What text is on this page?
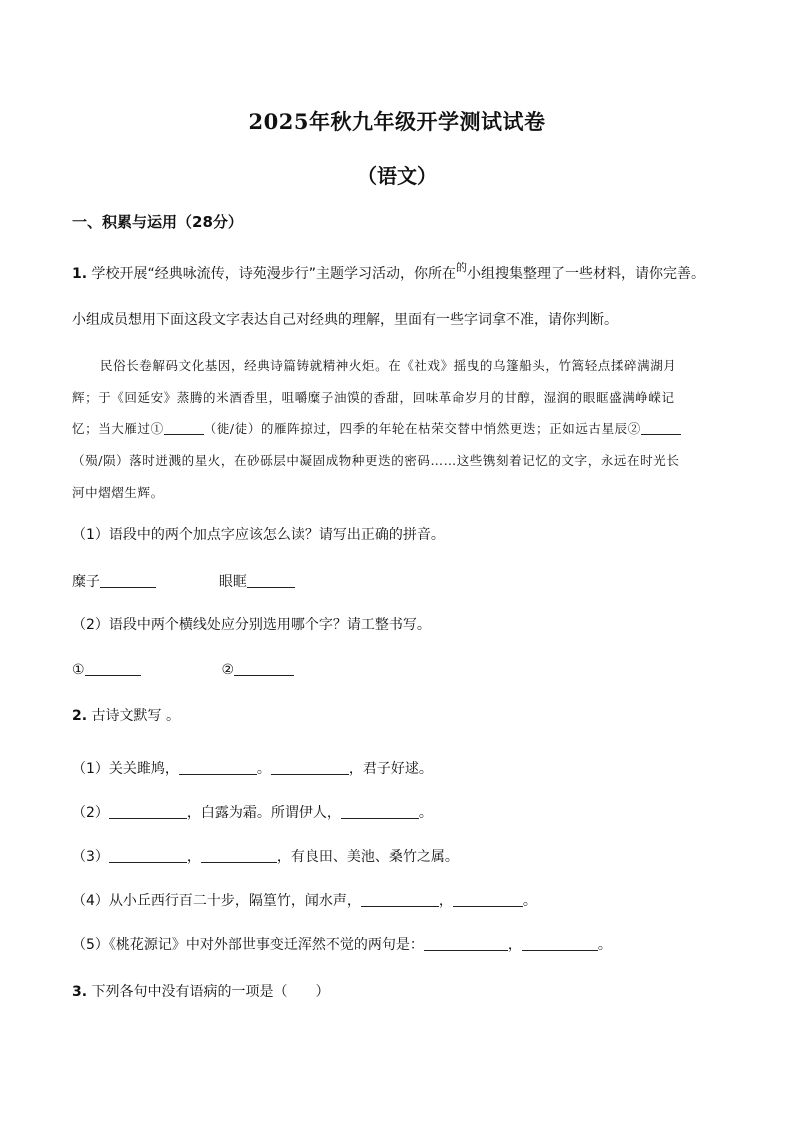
2025年秋九年级开学测试试卷
（语文）
一、积累与运用（28分）
1. 学校开展“经典咏流传，诗苑漫步行”主题学习活动，你所在$^的$小组搜集整理了一些材料，请你完善。
小组成员想用下面这段文字表达自己对经典的理解，里面有一些字词拿不准，请你判断。
民俗长卷解码文化基因，经典诗篇铸就精神火炬。在《社戏》摇曳的乌篷船头，竹篙轻点揉碎满湖月
辉；于《回延安》蒸腾的米酒香里，咀嚼糜子油馍的香甜，回味革命岁月的甘醇，湿润的眼眶盛满峥嵘记
忆；当大雁过①	（徙/徒）的雁阵掠过，四季的年轮在枯荣交替中悄然更迭；正如远古星辰②
（殒/陨）落时迸溅的星火，在砂砾层中凝固成物种更迭的密码……这些镌刻着记忆的文字，永远在时光长
河中熠熠生辉。
（1）语段中的两个加点字应该怎么读？请写出正确的拼音。
糜子	眼眶
（2）语段中两个横线处应分别选用哪个字？请工整书写。
①	②
2. 古诗文默写 。
（1）关关雎鸠，	。	，君子好逑。
（2）	，白露为霜。所谓伊人，	。
（3）	，	，有良田、美池、桑竹之属。
（4）从小丘西行百二十步，隔篁竹，闻水声，	，	。
（5）《桃花源记》中对外部世事变迁浑然不觉的两句是：	，	。
3. 下列各句中没有语病的一项是（　　）
